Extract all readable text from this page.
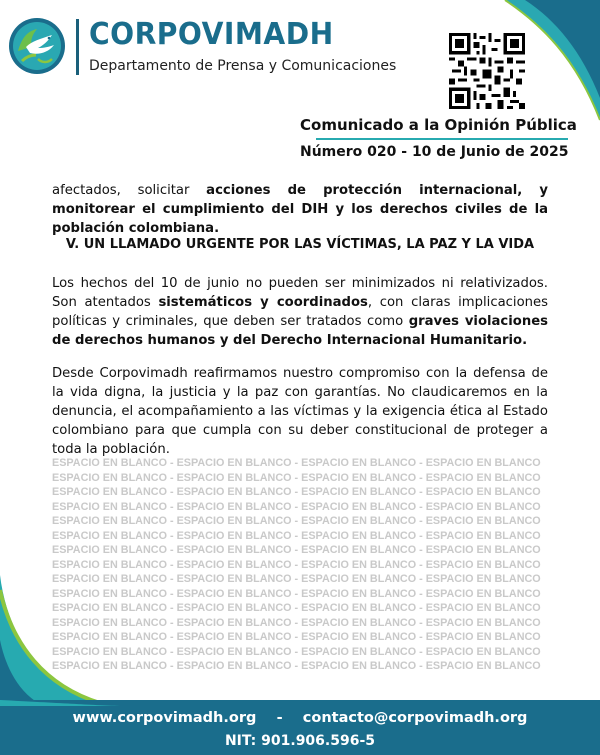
CORPOVIMADH
Departamento de Prensa y Comunicaciones
Comunicado a la Opinión Pública
Número 020 - 10 de Junio de 2025
afectados, solicitar acciones de protección internacional, y monitorear el cumplimiento del DIH y los derechos civiles de la población colombiana.
V. UN LLAMADO URGENTE POR LAS VÍCTIMAS, LA PAZ Y LA VIDA
Los hechos del 10 de junio no pueden ser minimizados ni relativizados. Son atentados sistemáticos y coordinados, con claras implicaciones políticas y criminales, que deben ser tratados como graves violaciones de derechos humanos y del Derecho Internacional Humanitario.
Desde Corpovimadh reafirmamos nuestro compromiso con la defensa de la vida digna, la justicia y la paz con garantías. No claudicaremos en la denuncia, el acompañamiento a las víctimas y la exigencia ética al Estado colombiano para que cumpla con su deber constitucional de proteger a toda la población.
ESPACIO EN BLANCO - ESPACIO EN BLANCO - ESPACIO EN BLANCO - ESPACIO EN BLANCO
ESPACIO EN BLANCO - ESPACIO EN BLANCO - ESPACIO EN BLANCO - ESPACIO EN BLANCO
ESPACIO EN BLANCO - ESPACIO EN BLANCO - ESPACIO EN BLANCO - ESPACIO EN BLANCO
ESPACIO EN BLANCO - ESPACIO EN BLANCO - ESPACIO EN BLANCO - ESPACIO EN BLANCO
ESPACIO EN BLANCO - ESPACIO EN BLANCO - ESPACIO EN BLANCO - ESPACIO EN BLANCO
ESPACIO EN BLANCO - ESPACIO EN BLANCO - ESPACIO EN BLANCO - ESPACIO EN BLANCO
ESPACIO EN BLANCO - ESPACIO EN BLANCO - ESPACIO EN BLANCO - ESPACIO EN BLANCO
ESPACIO EN BLANCO - ESPACIO EN BLANCO - ESPACIO EN BLANCO - ESPACIO EN BLANCO
ESPACIO EN BLANCO - ESPACIO EN BLANCO - ESPACIO EN BLANCO - ESPACIO EN BLANCO
ESPACIO EN BLANCO - ESPACIO EN BLANCO - ESPACIO EN BLANCO - ESPACIO EN BLANCO
ESPACIO EN BLANCO - ESPACIO EN BLANCO - ESPACIO EN BLANCO - ESPACIO EN BLANCO
ESPACIO EN BLANCO - ESPACIO EN BLANCO - ESPACIO EN BLANCO - ESPACIO EN BLANCO
ESPACIO EN BLANCO - ESPACIO EN BLANCO - ESPACIO EN BLANCO - ESPACIO EN BLANCO
ESPACIO EN BLANCO - ESPACIO EN BLANCO - ESPACIO EN BLANCO - ESPACIO EN BLANCO
ESPACIO EN BLANCO - ESPACIO EN BLANCO - ESPACIO EN BLANCO - ESPACIO EN BLANCO
www.corpovimadh.org    -    contacto@corpovimadh.org
NIT: 901.906.596-5
